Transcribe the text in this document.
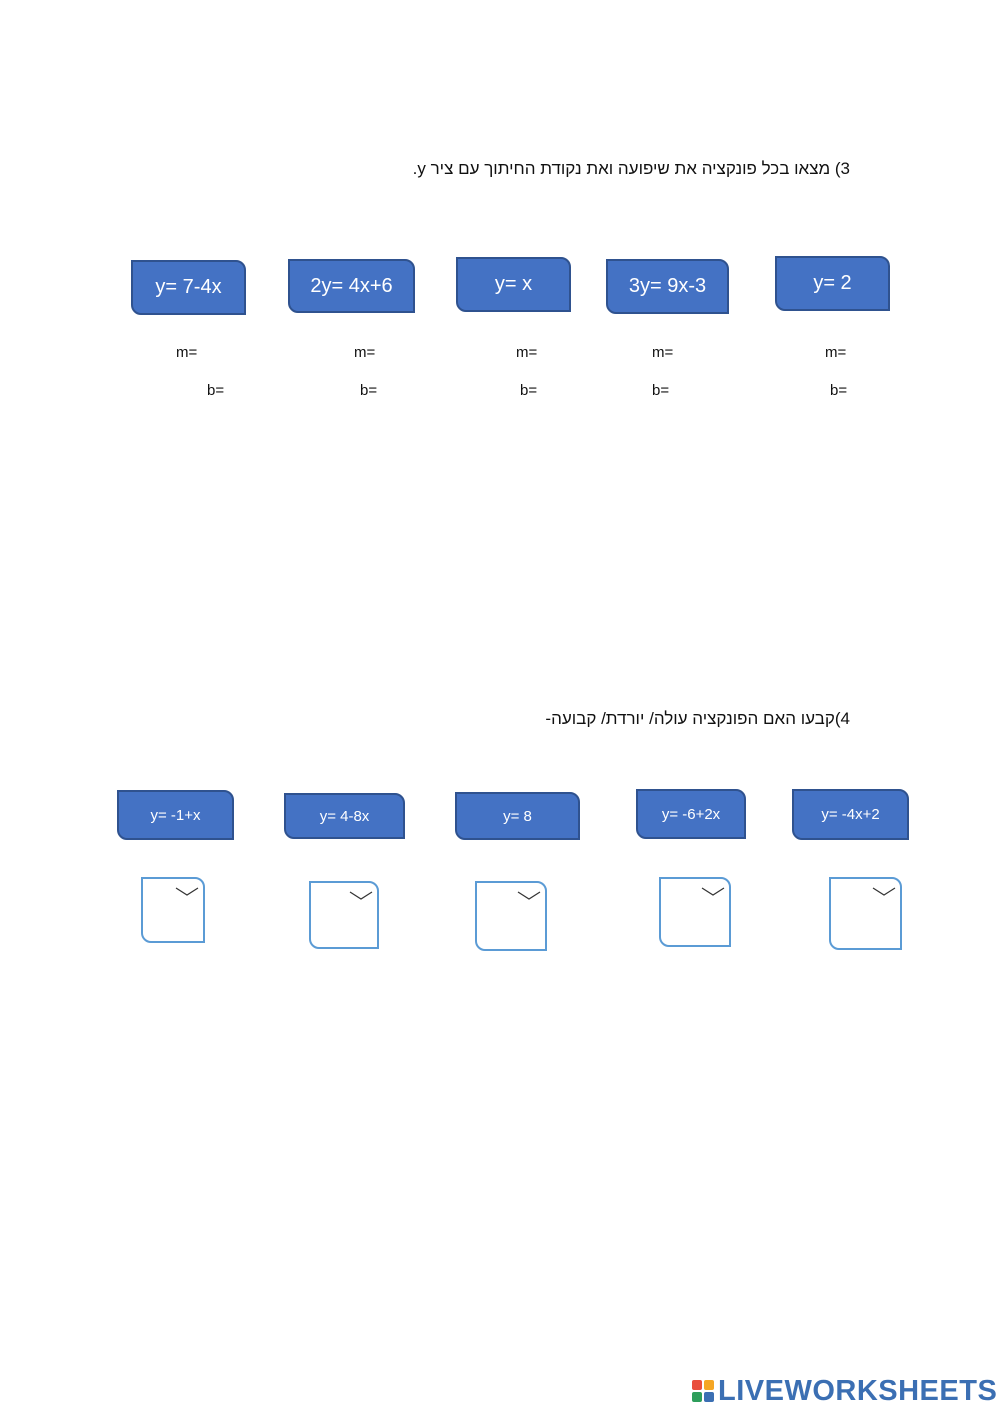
3) מצאו בכל פונקציה את שיפועה ואת נקודת החיתוך עם ציר y.
y= 7-4x	2y= 4x+6	y= x	3y= 9x-3	y= 2
m=	m=	m=	m=	m=
b=	b=	b=	b=	b=
4)קבעו האם הפונקציה עולה/ יורדת/ קבועה-
y= -1+x	y= 4-8x	y= 8	y= -6+2x	y= -4x+2
LIVEWORKSHEETS
